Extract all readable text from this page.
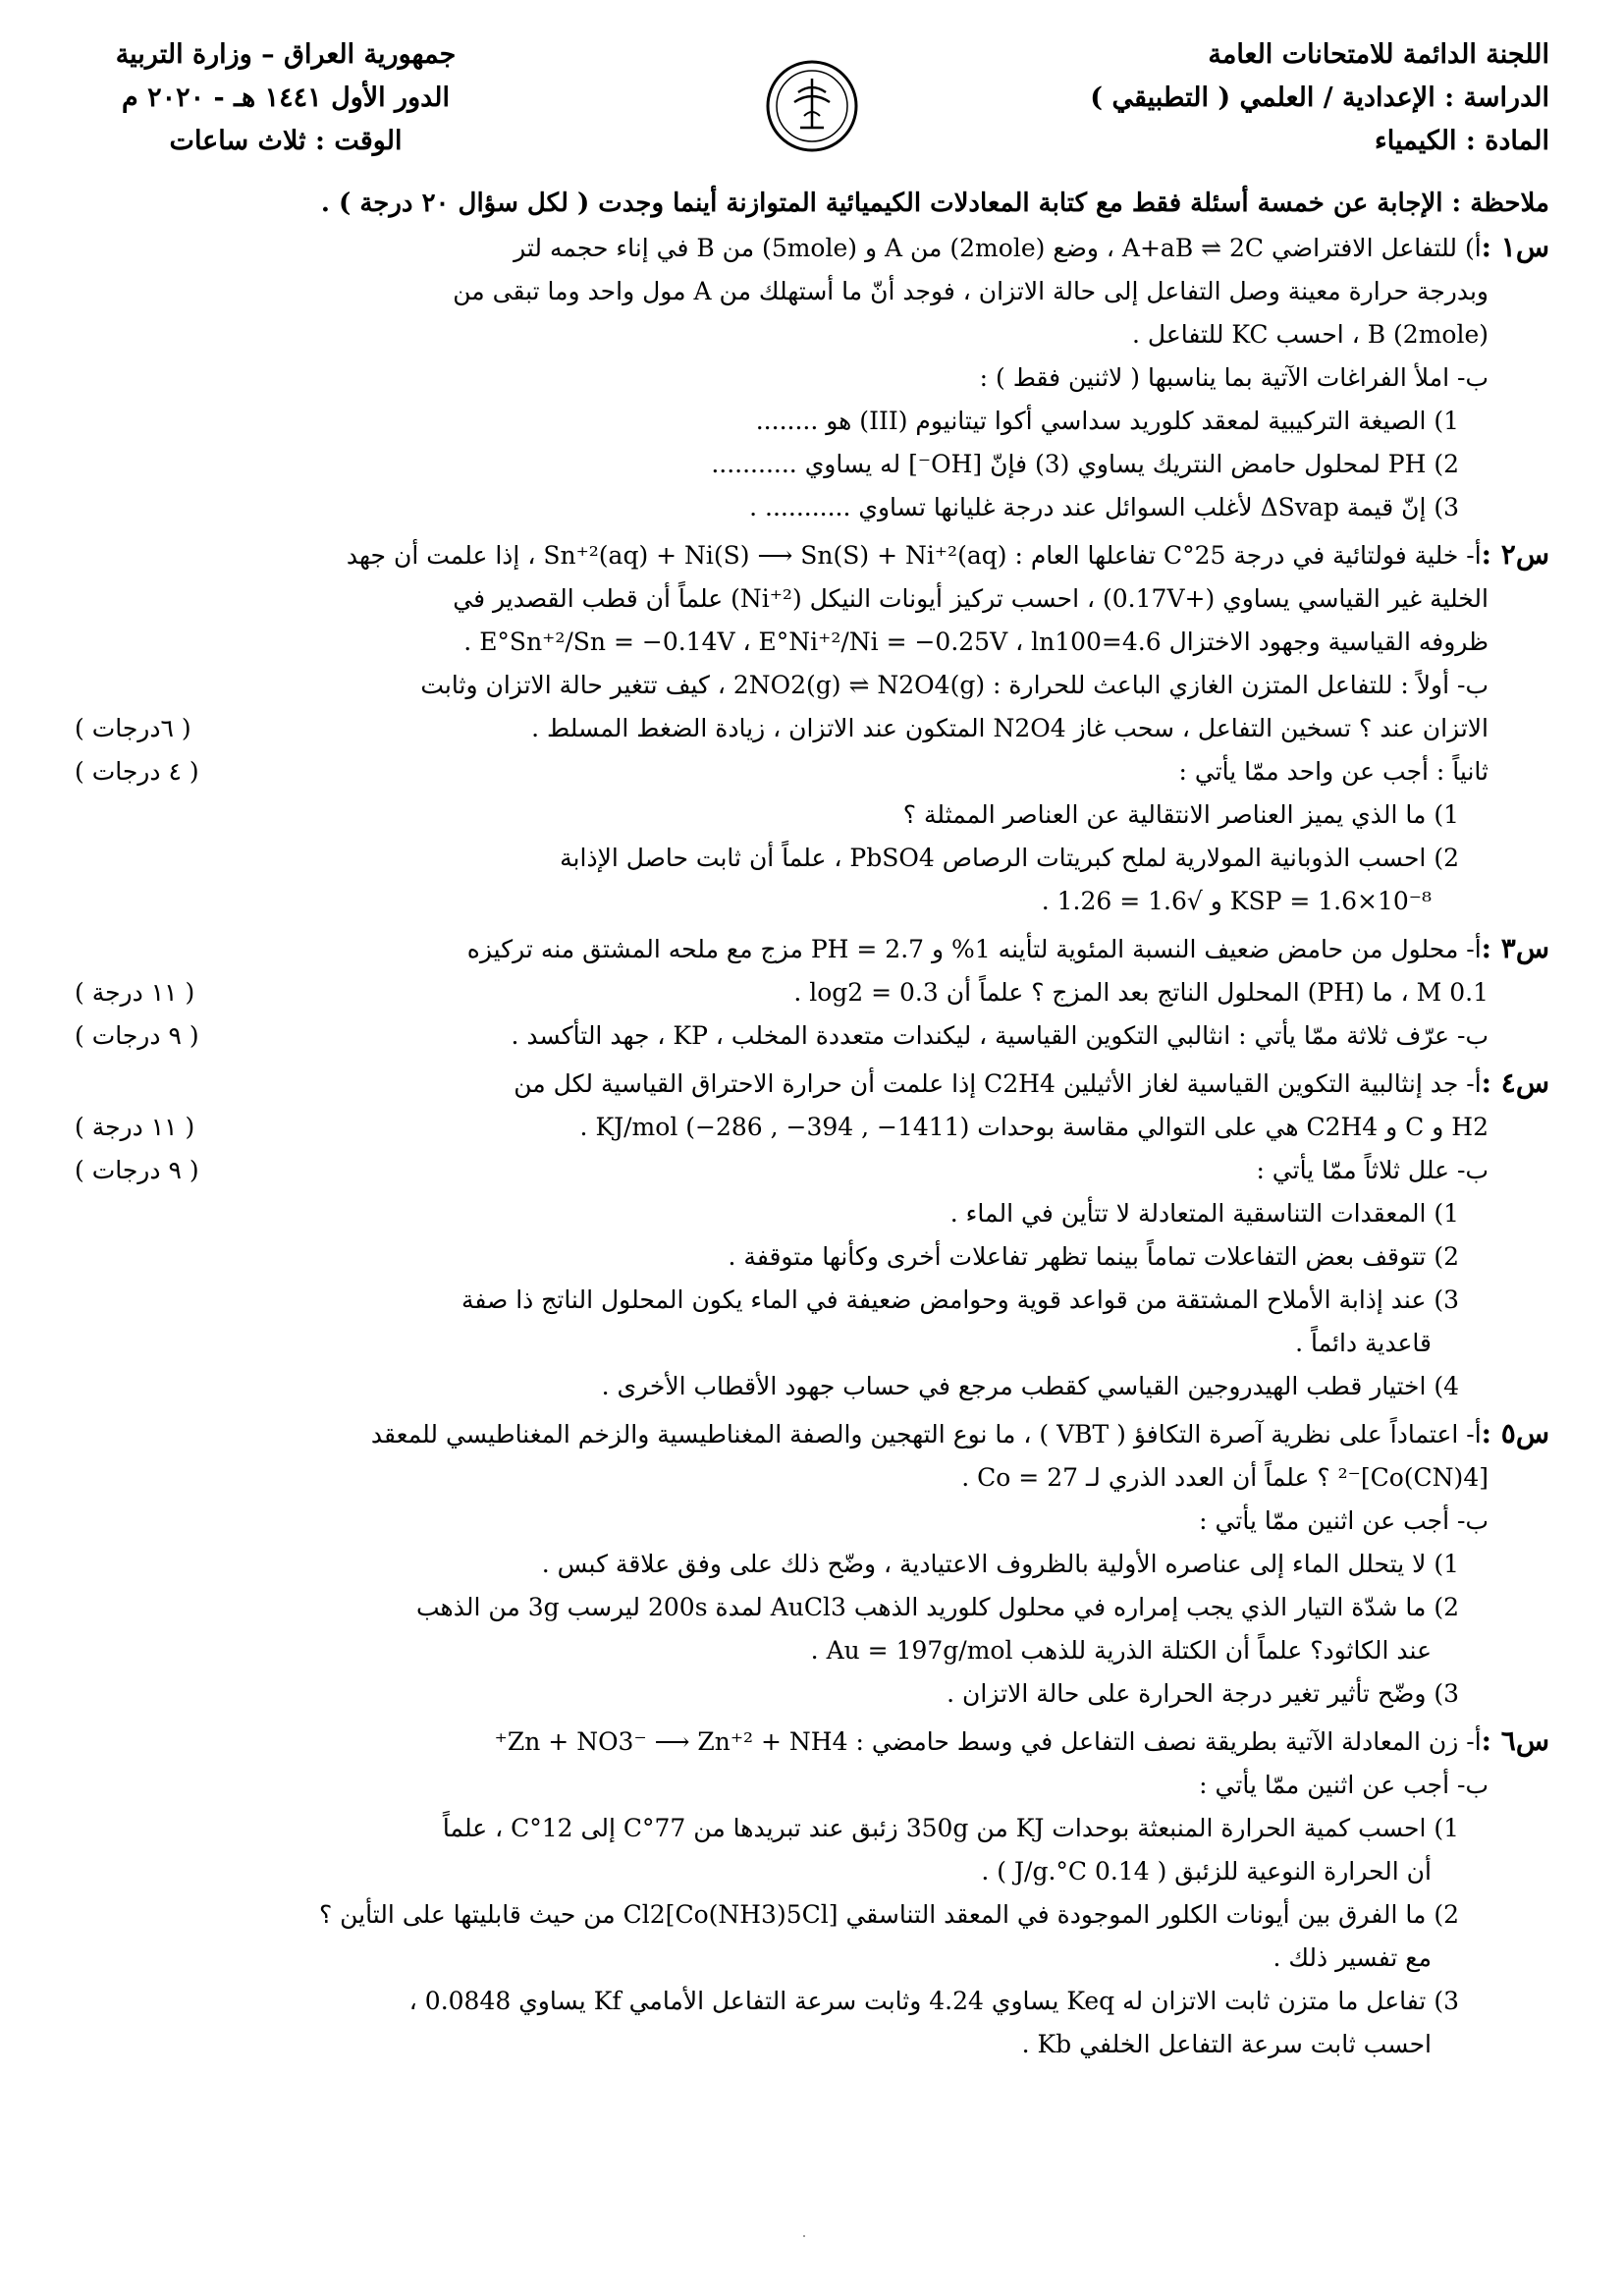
اللجنة الدائمة للامتحانات العامة
الدراسة : الإعدادية / العلمي ( التطبيقي )
المادة : الكيمياء
جمهورية العراق – وزارة التربية
الدور الأول ١٤٤١ هـ - ٢٠٢٠ م
الوقت : ثلاث ساعات
ملاحظة : الإجابة عن خمسة أسئلة فقط مع كتابة المعادلات الكيميائية المتوازنة أينما وجدت ( لكل سؤال ٢٠ درجة ) .
س١ :أ) للتفاعل الافتراضي A+aB ⇌ 2C ، وضع (2mole) من A و (5mole) من B في إناء حجمه لتر
وبدرجة حرارة معينة وصل التفاعل إلى حالة الاتزان ، فوجد أنّ ما أستهلك من A مول واحد وما تبقى من
B (2mole) ، احسب KC للتفاعل .
ب- املأ الفراغات الآتية بما يناسبها ( لاثنين فقط ) :
1) الصيغة التركيبية لمعقد كلوريد سداسي أكوا تيتانيوم (III) هو ........
2) PH لمحلول حامض النتريك يساوي (3) فإنّ [OH⁻] له يساوي ...........
3) إنّ قيمة ΔSvap لأغلب السوائل عند درجة غليانها تساوي ........... .
س٢ :أ- خلية فولتائية في درجة 25°C تفاعلها العام : Sn⁺²(aq) + Ni(S) ⟶ Sn(S) + Ni⁺²(aq) ، إذا علمت أن جهد
الخلية غير القياسي يساوي (+0.17V) ، احسب تركيز أيونات النيكل (Ni⁺²) علماً أن قطب القصدير في
ظروفه القياسية وجهود الاختزال E°Sn⁺²/Sn = −0.14V ، E°Ni⁺²/Ni = −0.25V ، ln100=4.6 .
ب- أولاً : للتفاعل المتزن الغازي الباعث للحرارة : 2NO2(g) ⇌ N2O4(g) ، كيف تتغير حالة الاتزان وثابت
الاتزان عند ؟ تسخين التفاعل ، سحب غاز N2O4 المتكون عند الاتزان ، زيادة الضغط المسلط .
( ٦درجات )
ثانياً : أجب عن واحد ممّا يأتي :
( ٤ درجات )
1) ما الذي يميز العناصر الانتقالية عن العناصر الممثلة ؟
2) احسب الذوبانية المولارية لملح كبريتات الرصاص PbSO4 ، علماً أن ثابت حاصل الإذابة
KSP = 1.6×10⁻⁸ و √1.6 = 1.26 .
س٣ :أ- محلول من حامض ضعيف النسبة المئوية لتأينه 1% و PH = 2.7 مزج مع ملحه المشتق منه تركيزه
0.1 M ، ما (PH) المحلول الناتج بعد المزج ؟ علماً أن log2 = 0.3 .
( ١١ درجة )
ب- عرّف ثلاثة ممّا يأتي : انثالبي التكوين القياسية ، ليكندات متعددة المخلب ، KP ، جهد التأكسد .
( ٩ درجات )
س٤ :أ- جد إنثالبية التكوين القياسية لغاز الأثيلين C2H4 إذا علمت أن حرارة الاحتراق القياسية لكل من
H2 و C و C2H4 هي على التوالي مقاسة بوحدات KJ/mol (−286 , −394 , −1411) .
( ١١ درجة )
ب- علل ثلاثاً ممّا يأتي :
( ٩ درجات )
1) المعقدات التناسقية المتعادلة لا تتأين في الماء .
2) تتوقف بعض التفاعلات تماماً بينما تظهر تفاعلات أخرى وكأنها متوقفة .
3) عند إذابة الأملاح المشتقة من قواعد قوية وحوامض ضعيفة في الماء يكون المحلول الناتج ذا صفة
قاعدية دائماً .
4) اختيار قطب الهيدروجين القياسي كقطب مرجع في حساب جهود الأقطاب الأخرى .
س٥ :أ- اعتماداً على نظرية آصرة التكافؤ ( VBT ) ، ما نوع التهجين والصفة المغناطيسية والزخم المغناطيسي للمعقد
[Co(CN)4]⁻² ؟ علماً أن العدد الذري لـ Co = 27 .
ب- أجب عن اثنين ممّا يأتي :
1) لا يتحلل الماء إلى عناصره الأولية بالظروف الاعتيادية ، وضّح ذلك على وفق علاقة كبس .
2) ما شدّة التيار الذي يجب إمراره في محلول كلوريد الذهب AuCl3 لمدة 200s ليرسب 3g من الذهب
عند الكاثود؟ علماً أن الكتلة الذرية للذهب Au = 197g/mol .
3) وضّح تأثير تغير درجة الحرارة على حالة الاتزان .
س٦ :أ- زن المعادلة الآتية بطريقة نصف التفاعل في وسط حامضي : Zn + NO3⁻ ⟶ Zn⁺² + NH4⁺
ب- أجب عن اثنين ممّا يأتي :
1) احسب كمية الحرارة المنبعثة بوحدات KJ من 350g زئبق عند تبريدها من 77°C إلى 12°C ، علماً
أن الحرارة النوعية للزئبق ( 0.14 J/g.°C ) .
2) ما الفرق بين أيونات الكلور الموجودة في المعقد التناسقي [Co(NH3)5Cl]Cl2 من حيث قابليتها على التأين ؟
مع تفسير ذلك .
3) تفاعل ما متزن ثابت الاتزان له Keq يساوي 4.24 وثابت سرعة التفاعل الأمامي Kf يساوي 0.0848 ،
احسب ثابت سرعة التفاعل الخلفي Kb .
